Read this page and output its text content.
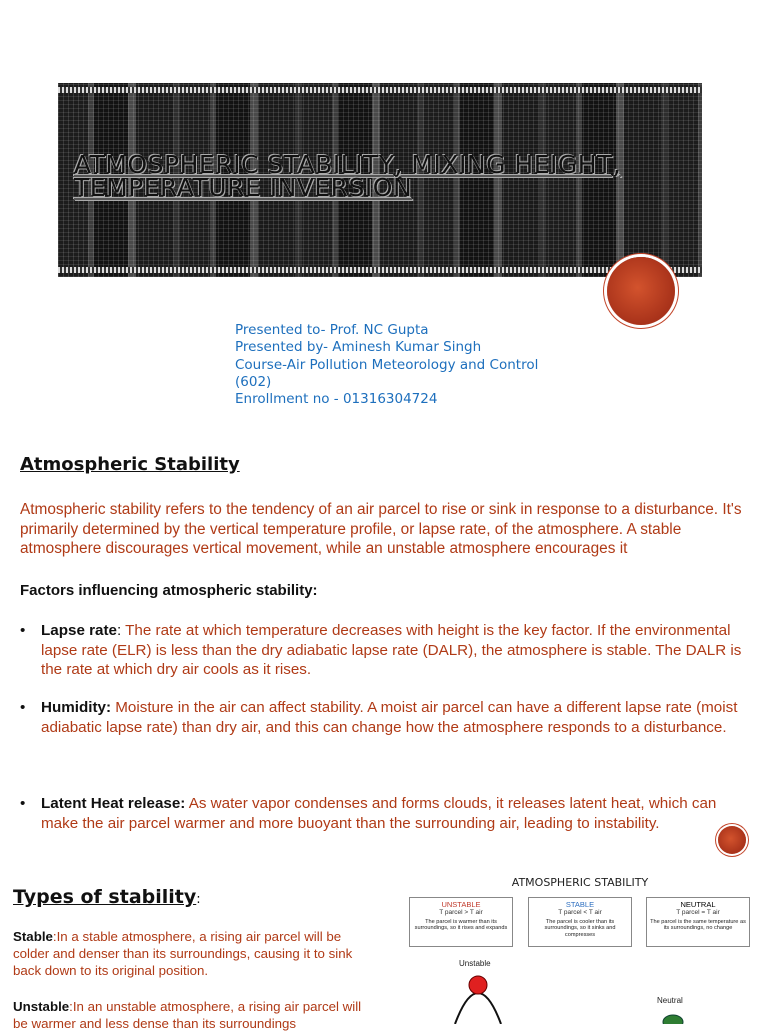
ATMOSPHERIC STABILITY, MIXING HEIGHT, TEMPERATURE INVERSION
Presented to- Prof. NC Gupta
Presented by- Aminesh Kumar Singh
Course-Air Pollution Meteorology and Control
(602)
Enrollment no - 01316304724
Atmospheric Stability
Atmospheric stability refers to the tendency of an air parcel to rise or sink in response to a disturbance. It's primarily determined by the vertical temperature profile, or lapse rate, of the atmosphere. A stable atmosphere discourages vertical movement, while an unstable atmosphere encourages it
Factors influencing atmospheric stability:
• Lapse rate: The rate at which temperature decreases with height is the key factor. If the environmental lapse rate (ELR) is less than the dry adiabatic lapse rate (DALR), the atmosphere is stable. The DALR is the rate at which dry air cools as it rises.
• Humidity: Moisture in the air can affect stability. A moist air parcel can have a different lapse rate (moist adiabatic lapse rate) than dry air, and this can change how the atmosphere responds to a disturbance.
• Latent Heat release: As water vapor condenses and forms clouds, it releases latent heat, which can make the air parcel warmer and more buoyant than the surrounding air, leading to instability.
Types of stability:
Stable:In a stable atmosphere, a rising air parcel will be colder and denser than its surroundings, causing it to sink back down to its original position.
Unstable:In an unstable atmosphere, a rising air parcel will be warmer and less dense than its surroundings
ATMOSPHERIC STABILITY
UNSTABLE
T parcel > T air
The parcel is warmer than its surroundings, so it rises and expands
STABLE
T parcel < T air
The parcel is cooler than its surroundings, so it sinks and compresses
NEUTRAL
T parcel = T air
The parcel is the same temperature as its surroundings, no change
Unstable
Neutral
